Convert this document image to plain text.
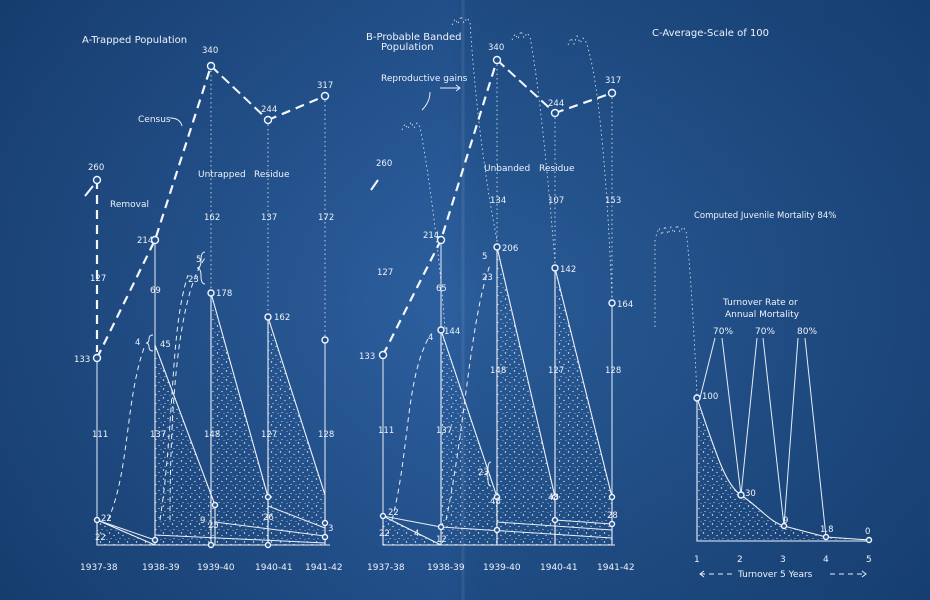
A-Trapped Population
Census
Removal
Untrapped Residue
260
133
214
340
244
317
127
69
162	137	172
178
162
111	137	148	127	128
5
23
4 45
22
22	9 25
26
3
1937-38	1938-39 1939-40 1940-41 1941-42
B-Probable Banded
Population
Reproductive gains
Unbanded Residue
260
133
214
340
244
317
127
65
134	107	153
144
206
142
164
111	137
148	127	128
4
5
23
23
22
22
12
4
48	48
28
1937-38 1938-39 1939-40 1940-41 1941-42
C-Average-Scale of 100
Computed Juvenile Mortality 84%
Turnover Rate or
Annual Mortality
70% 70% 80%
100
30
9
1.8	0
1	2	3	4	5
Turnover 5 Years
